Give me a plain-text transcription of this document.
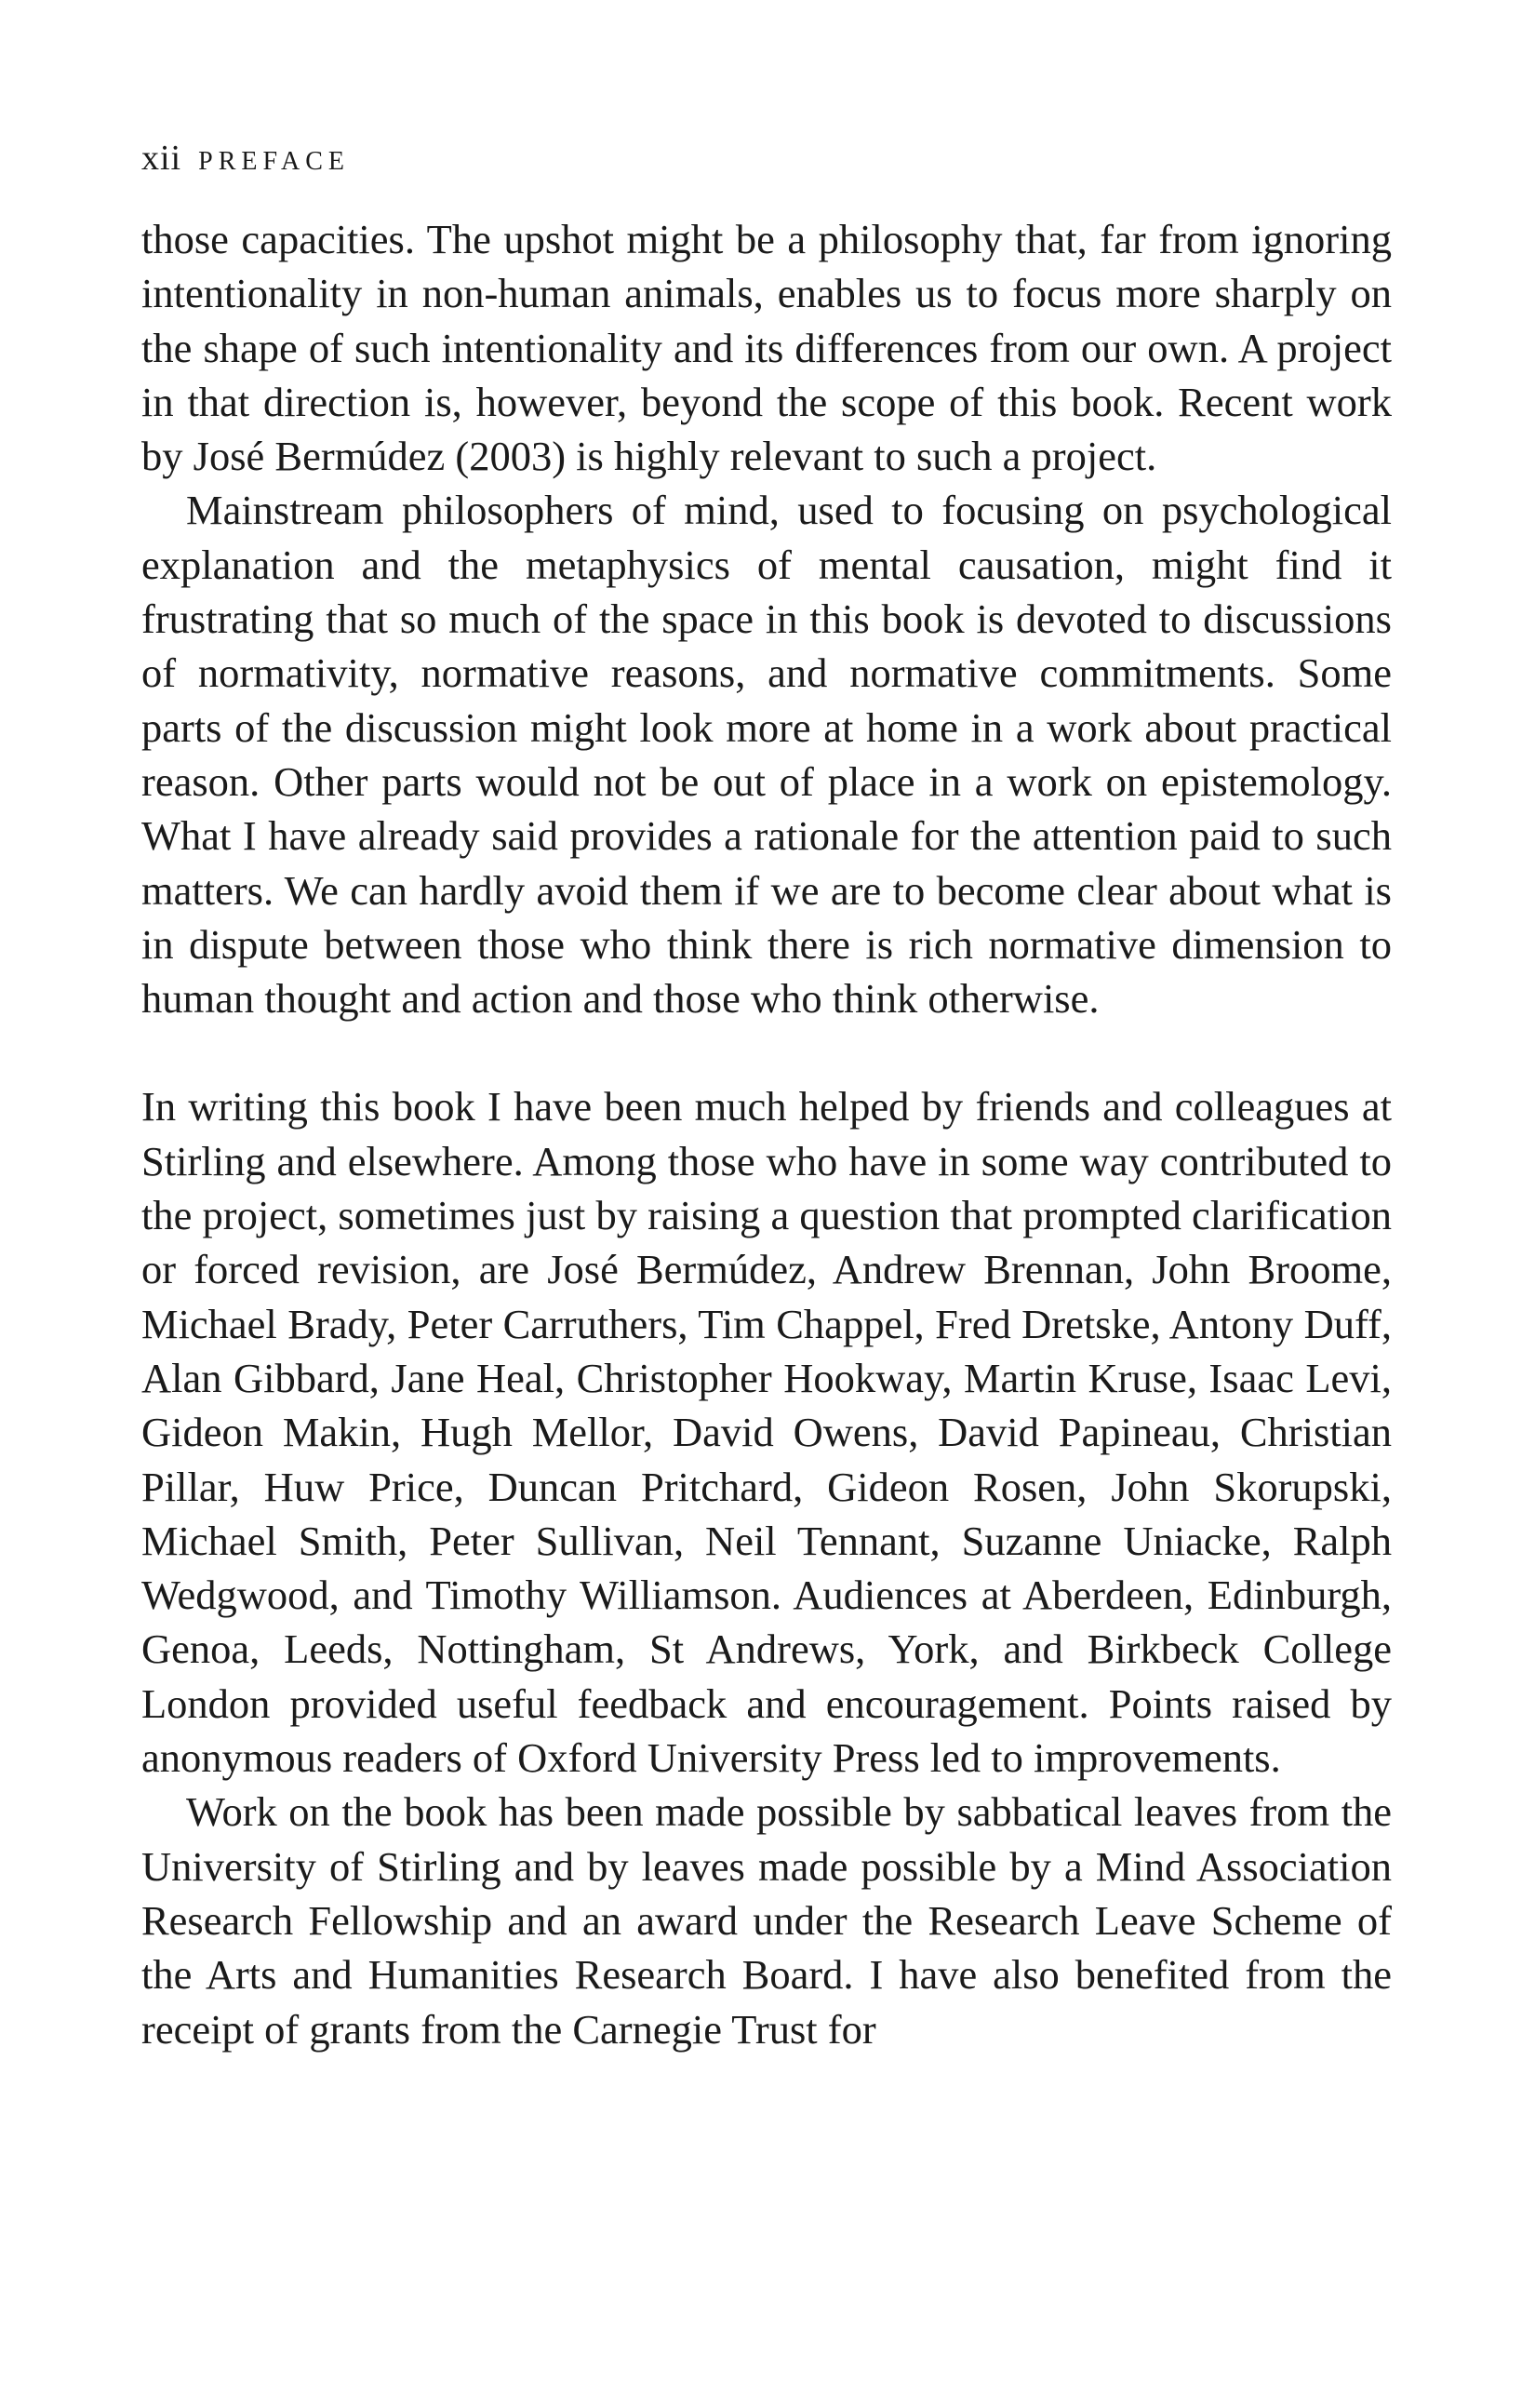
xii PREFACE

those capacities. The upshot might be a philosophy that, far from ignoring intentionality in non-human animals, enables us to focus more sharply on the shape of such intentionality and its differences from our own. A project in that direction is, however, beyond the scope of this book. Recent work by José Bermúdez (2003) is highly relevant to such a project.

Mainstream philosophers of mind, used to focusing on psychological explanation and the metaphysics of mental causation, might find it frustrating that so much of the space in this book is devoted to discussions of normativity, normative reasons, and normative commitments. Some parts of the discussion might look more at home in a work about practical reason. Other parts would not be out of place in a work on epistemology. What I have already said provides a rationale for the attention paid to such matters. We can hardly avoid them if we are to become clear about what is in dispute between those who think there is rich normative dimension to human thought and action and those who think otherwise.

In writing this book I have been much helped by friends and colleagues at Stirling and elsewhere. Among those who have in some way contributed to the project, sometimes just by raising a question that prompted clarification or forced revision, are José Bermúdez, Andrew Brennan, John Broome, Michael Brady, Peter Carruthers, Tim Chappel, Fred Dretske, Antony Duff, Alan Gibbard, Jane Heal, Christopher Hookway, Martin Kruse, Isaac Levi, Gideon Makin, Hugh Mellor, David Owens, David Papineau, Christian Pillar, Huw Price, Duncan Pritchard, Gideon Rosen, John Skorupski, Michael Smith, Peter Sullivan, Neil Tennant, Suzanne Uniacke, Ralph Wedgwood, and Timothy Williamson. Audiences at Aberdeen, Edinburgh, Genoa, Leeds, Nottingham, St Andrews, York, and Birkbeck College London provided useful feedback and encouragement. Points raised by anonymous readers of Oxford University Press led to improvements.

Work on the book has been made possible by sabbatical leaves from the University of Stirling and by leaves made possible by a Mind Association Research Fellowship and an award under the Research Leave Scheme of the Arts and Humanities Research Board. I have also benefited from the receipt of grants from the Carnegie Trust for
